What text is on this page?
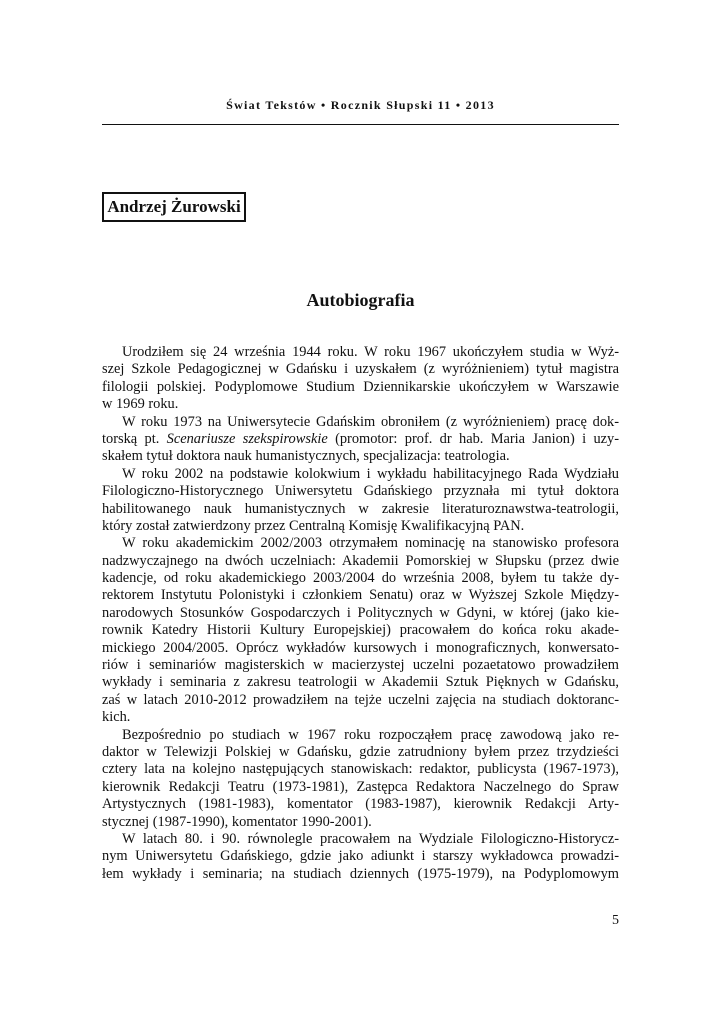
Świat Tekstów • Rocznik Słupski 11 • 2013
Andrzej Żurowski
Autobiografia
Urodziłem się 24 września 1944 roku. W roku 1967 ukończyłem studia w Wyż-
szej Szkole Pedagogicznej w Gdańsku i uzyskałem (z wyróżnieniem) tytuł magistra
filologii polskiej. Podyplomowe Studium Dziennikarskie ukończyłem w Warszawie
w 1969 roku.
W roku 1973 na Uniwersytecie Gdańskim obroniłem (z wyróżnieniem) pracę dok-
torską pt. Scenariusze szekspirowskie (promotor: prof. dr hab. Maria Janion) i uzy-
skałem tytuł doktora nauk humanistycznych, specjalizacja: teatrologia.
W roku 2002 na podstawie kolokwium i wykładu habilitacyjnego Rada Wydziału
Filologiczno-Historycznego Uniwersytetu Gdańskiego przyznała mi tytuł doktora
habilitowanego nauk humanistycznych w zakresie literaturoznawstwa-teatrologii,
który został zatwierdzony przez Centralną Komisję Kwalifikacyjną PAN.
W roku akademickim 2002/2003 otrzymałem nominację na stanowisko profesora
nadzwyczajnego na dwóch uczelniach: Akademii Pomorskiej w Słupsku (przez dwie
kadencje, od roku akademickiego 2003/2004 do września 2008, byłem tu także dy-
rektorem Instytutu Polonistyki i członkiem Senatu) oraz w Wyższej Szkole Między-
narodowych Stosunków Gospodarczych i Politycznych w Gdyni, w której (jako kie-
rownik Katedry Historii Kultury Europejskiej) pracowałem do końca roku akade-
mickiego 2004/2005. Oprócz wykładów kursowych i monograficznych, konwersato-
riów i seminariów magisterskich w macierzystej uczelni pozaetatowo prowadziłem
wykłady i seminaria z zakresu teatrologii w Akademii Sztuk Pięknych w Gdańsku,
zaś w latach 2010-2012 prowadziłem na tejże uczelni zajęcia na studiach doktoranc-
kich.
Bezpośrednio po studiach w 1967 roku rozpocząłem pracę zawodową jako re-
daktor w Telewizji Polskiej w Gdańsku, gdzie zatrudniony byłem przez trzydzieści
cztery lata na kolejno następujących stanowiskach: redaktor, publicysta (1967-1973),
kierownik Redakcji Teatru (1973-1981), Zastępca Redaktora Naczelnego do Spraw
Artystycznych (1981-1983), komentator (1983-1987), kierownik Redakcji Arty-
stycznej (1987-1990), komentator 1990-2001).
W latach 80. i 90. równolegle pracowałem na Wydziale Filologiczno-Historycz-
nym Uniwersytetu Gdańskiego, gdzie jako adiunkt i starszy wykładowca prowadzi-
łem wykłady i seminaria; na studiach dziennych (1975-1979), na Podyplomowym
5
